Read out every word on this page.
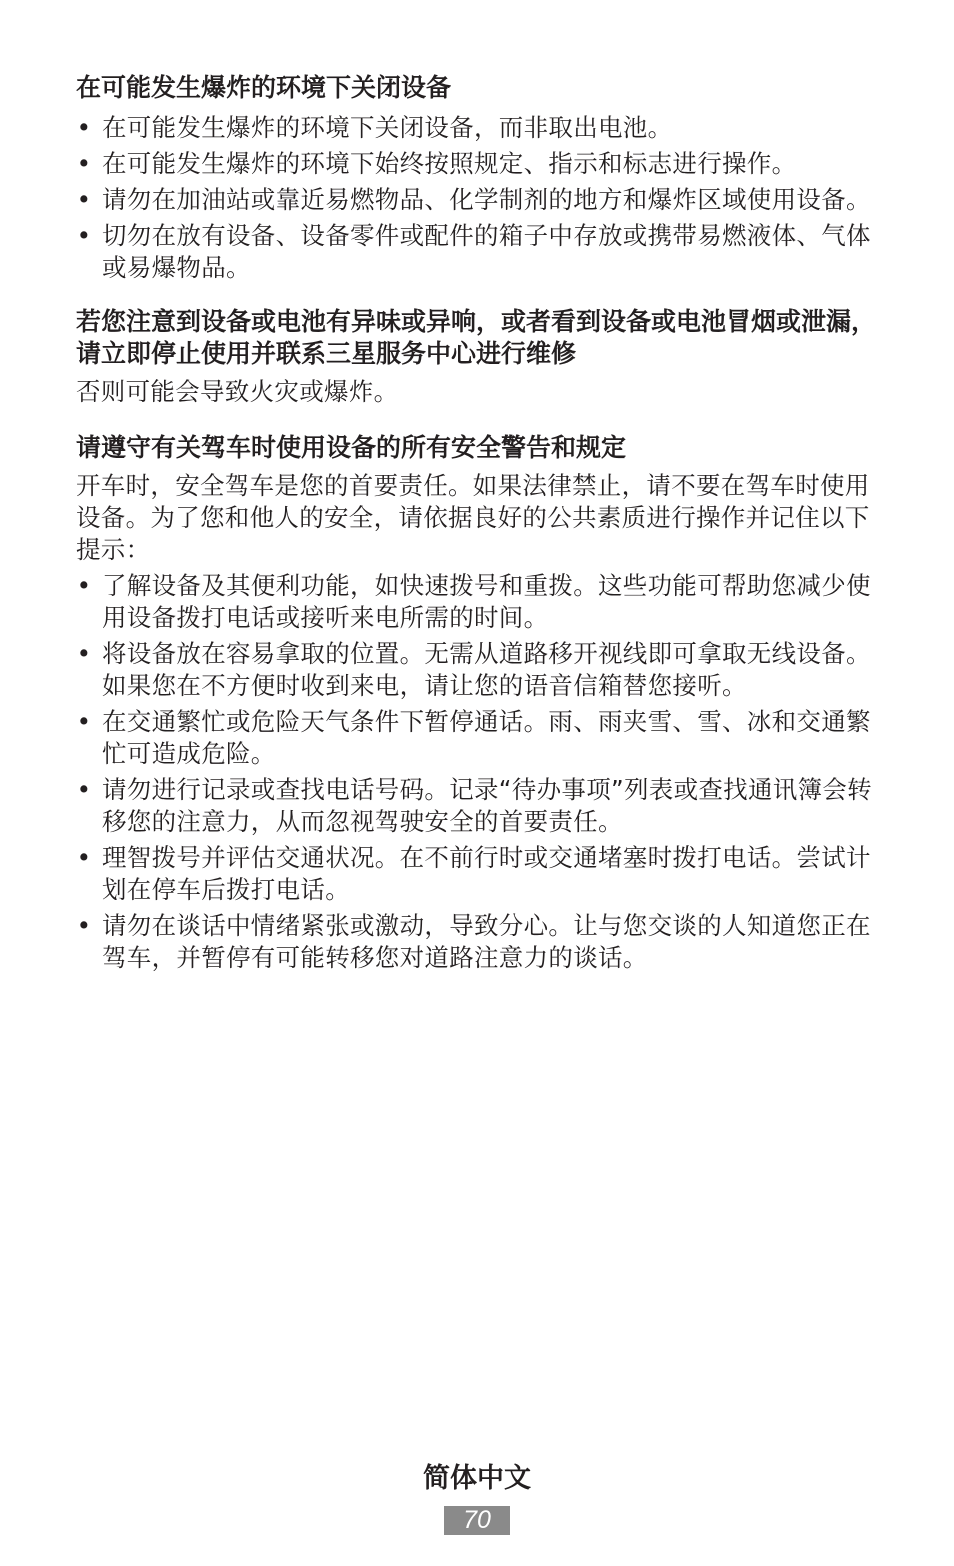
在可能发生爆炸的环境下关闭设备

• 在可能发生爆炸的环境下关闭设备，而非取出电池。
• 在可能发生爆炸的环境下始终按照规定、指示和标志进行操作。
• 请勿在加油站或靠近易燃物品、化学制剂的地方和爆炸区域使用设备。
• 切勿在放有设备、设备零件或配件的箱子中存放或携带易燃液体、气体或易爆物品。

若您注意到设备或电池有异味或异响，或者看到设备或电池冒烟或泄漏，请立即停止使用并联系三星服务中心进行维修

否则可能会导致火灾或爆炸。

请遵守有关驾车时使用设备的所有安全警告和规定

开车时，安全驾车是您的首要责任。如果法律禁止，请不要在驾车时使用设备。为了您和他人的安全，请依据良好的公共素质进行操作并记住以下提示：

• 了解设备及其便利功能，如快速拨号和重拨。这些功能可帮助您减少使用设备拨打电话或接听来电所需的时间。
• 将设备放在容易拿取的位置。无需从道路移开视线即可拿取无线设备。如果您在不方便时收到来电，请让您的语音信箱替您接听。
• 在交通繁忙或危险天气条件下暂停通话。雨、雨夹雪、雪、冰和交通繁忙可造成危险。
• 请勿进行记录或查找电话号码。记录“待办事项”列表或查找通讯簿会转移您的注意力，从而忽视驾驶安全的首要责任。
• 理智拨号并评估交通状况。在不前行时或交通堵塞时拨打电话。尝试计划在停车后拨打电话。
• 请勿在谈话中情绪紧张或激动，导致分心。让与您交谈的人知道您正在驾车，并暂停有可能转移您对道路注意力的谈话。
简体中文
70
